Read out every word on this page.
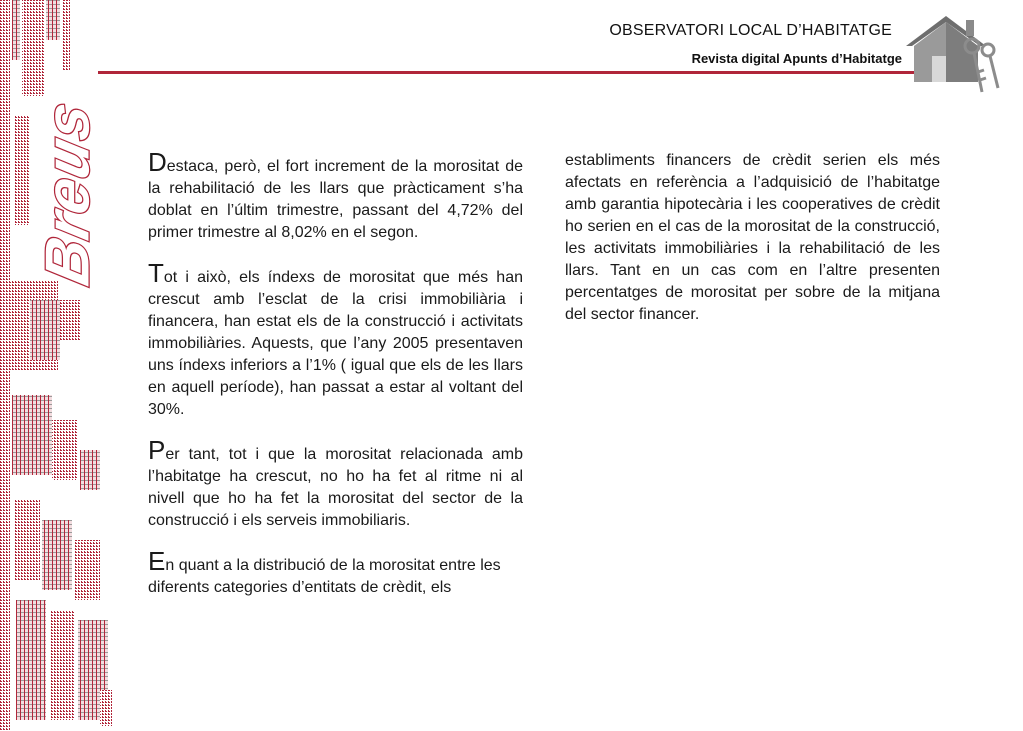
Breus
OBSERVATORI LOCAL D’HABITATGE
Revista digital Apunts d’Habitatge

Destaca, però, el fort increment de la morositat de la rehabilitació de les llars que pràcticament s’ha doblat en l’últim trimestre, passant del 4,72% del primer trimestre al 8,02% en el segon.

Tot i això, els índexs de morositat que més han crescut amb l’esclat de la crisi immobiliària i financera, han estat els de la construcció i activitats immobiliàries. Aquests, que l’any 2005 presentaven uns índexs inferiors a l’1% ( igual que els de les llars en aquell període), han passat a estar al voltant del 30%.

Per tant, tot i que la morositat relacionada amb l’habitatge ha crescut, no ho ha fet al ritme ni al nivell que ho ha fet la morositat del sector de la construcció i els serveis immobiliaris.

En quant a la distribució de la morositat entre les diferents categories d’entitats de crèdit, els

establiments financers de crèdit serien els més afectats en referència a l’adquisició de l’habitatge amb garantia hipotecària i les cooperatives de crèdit ho serien en el cas de la morositat de la construcció, les activitats immobiliàries i la rehabilitació de les llars. Tant en un cas com en l’altre presenten percentatges de morositat per sobre de la mitjana del sector financer.
